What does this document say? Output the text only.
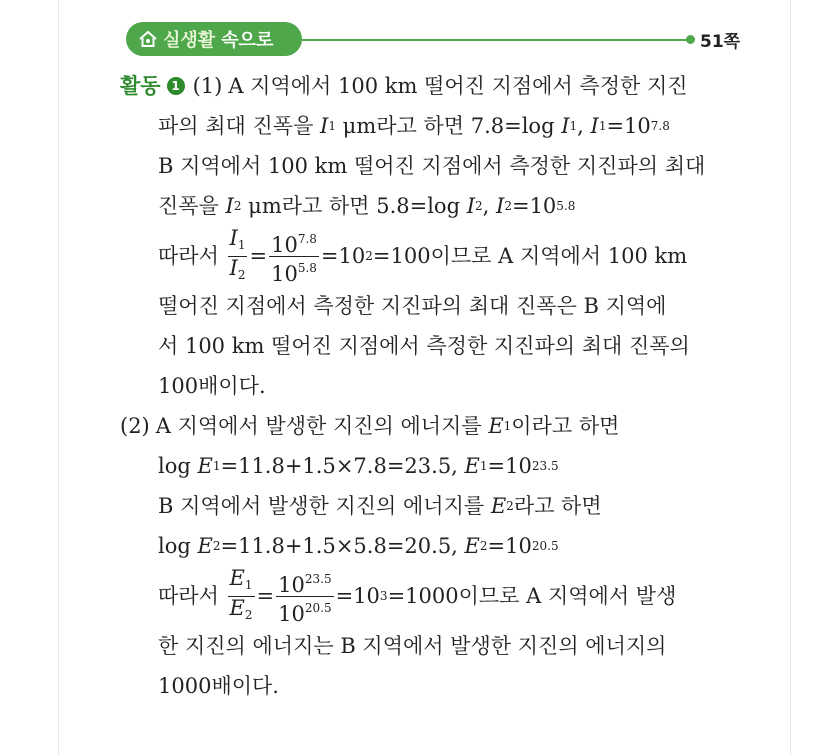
실생활 속으로	51쪽
활동 1 (1) A 지역에서 100 km 떨어진 지점에서 측정한 지진
파의 최대 진폭을
I 1
μm라고 하면 7.8=log
I 1 ,
I 1 =10 7.8
B 지역에서 100 km 떨어진 지점에서 측정한 지진파의 최대
진폭을
I 2
μm라고 하면 5.8=log
I 2 ,
I 2 =10 5.8
따라서
$\frac{I_1}{I_2} = \frac{10^{7.8}}{10^{5.8}} =10$ 2 =100이므로 A 지역에서 100 km
떨어진 지점에서 측정한 지진파의 최대 진폭은 B 지역에
서 100 km 떨어진 지점에서 측정한 지진파의 최대 진폭의
100배이다.
(2) A 지역에서 발생한 지진의 에너지를
E 1 이라고 하면
log
E 1 =11.8+1.5×7.8=23.5,
E 1 =10 23.5
B 지역에서 발생한 지진의 에너지를
E 2 라고 하면
log
E 2 =11.8+1.5×5.8=20.5,
E 2 =10 20.5
따라서
$\frac{E_1}{E_2} = \frac{10^{23.5}}{10^{20.5}} =10$ 3 =1000이므로 A 지역에서 발생
한 지진의 에너지는 B 지역에서 발생한 지진의 에너지의
1000배이다.
